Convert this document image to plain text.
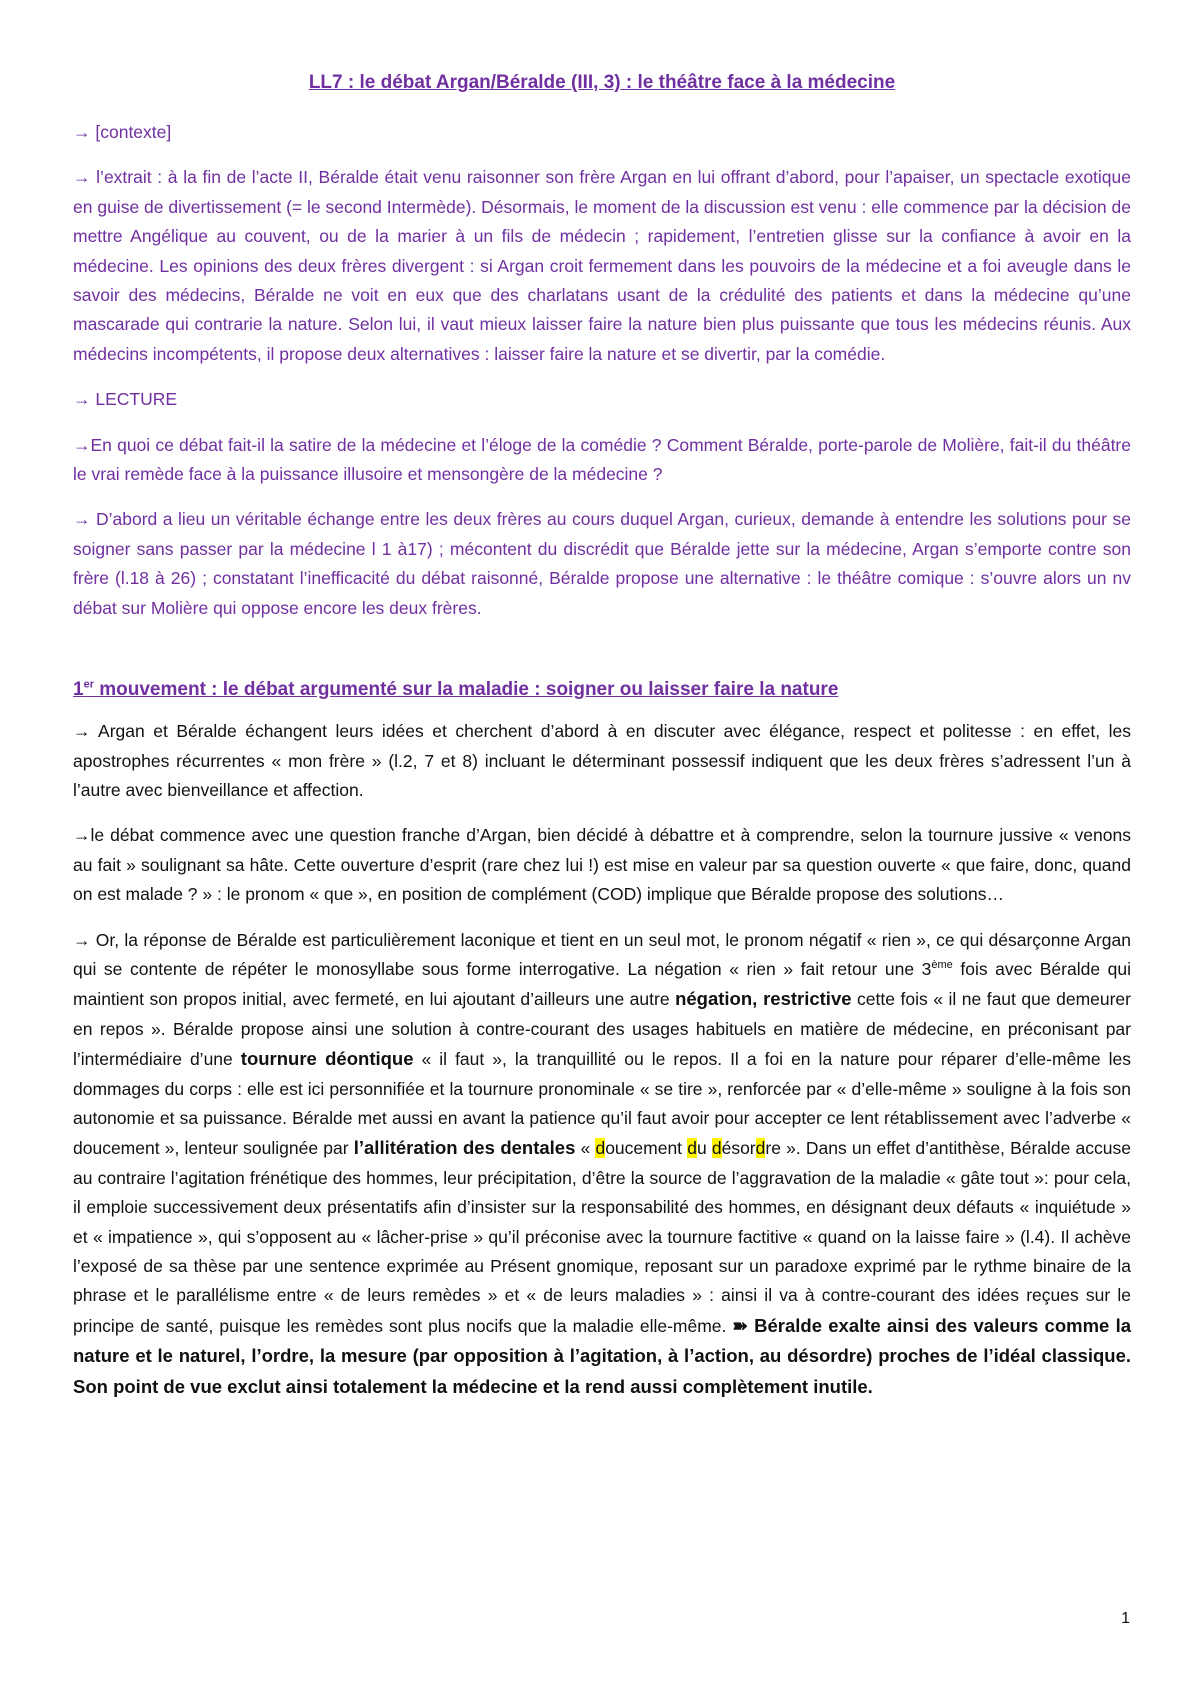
LL7 : le débat Argan/Béralde (III, 3) : le théâtre face à la médecine

→ [contexte]

→ l’extrait : à la fin de l’acte II, Béralde était venu raisonner son frère Argan en lui offrant d’abord, pour l’apaiser, un spectacle exotique en guise de divertissement (= le second Intermède). Désormais, le moment de la discussion est venu : elle commence par la décision de mettre Angélique au couvent, ou de la marier à un fils de médecin ; rapidement, l’entretien glisse sur la confiance à avoir en la médecine. Les opinions des deux frères divergent : si Argan croit fermement dans les pouvoirs de la médecine et a foi aveugle dans le savoir des médecins, Béralde ne voit en eux que des charlatans usant de la crédulité des patients et dans la médecine qu’une mascarade qui contrarie la nature. Selon lui, il vaut mieux laisser faire la nature bien plus puissante que tous les médecins réunis. Aux médecins incompétents, il propose deux alternatives : laisser faire la nature et se divertir, par la comédie.

→ LECTURE

→En quoi ce débat fait-il la satire de la médecine et l’éloge de la comédie ? Comment Béralde, porte-parole de Molière, fait-il du théâtre le vrai remède face à la puissance illusoire et mensongère de la médecine ?

→ D’abord a lieu un véritable échange entre les deux frères au cours duquel Argan, curieux, demande à entendre les solutions pour se soigner sans passer par la médecine l 1 à17) ; mécontent du discrédit que Béralde jette sur la médecine, Argan s’emporte contre son frère (l.18 à 26) ; constatant l’inefficacité du débat raisonné, Béralde propose une alternative : le théâtre comique : s’ouvre alors un nv débat sur Molière qui oppose encore les deux frères.

1er mouvement : le débat argumenté sur la maladie : soigner ou laisser faire la nature

→ Argan et Béralde échangent leurs idées et cherchent d’abord à en discuter avec élégance, respect et politesse : en effet, les apostrophes récurrentes « mon frère » (l.2, 7 et 8) incluant le déterminant possessif indiquent que les deux frères s’adressent l’un à l’autre avec bienveillance et affection.

→le débat commence avec une question franche d’Argan, bien décidé à débattre et à comprendre, selon la tournure jussive « venons au fait » soulignant sa hâte. Cette ouverture d’esprit (rare chez lui !) est mise en valeur par sa question ouverte « que faire, donc, quand on est malade ? » : le pronom « que », en position de complément (COD) implique que Béralde propose des solutions…

→ Or, la réponse de Béralde est particulièrement laconique et tient en un seul mot, le pronom négatif « rien », ce qui désarçonne Argan qui se contente de répéter le monosyllabe sous forme interrogative. La négation « rien » fait retour une 3ème fois avec Béralde qui maintient son propos initial, avec fermeté, en lui ajoutant d’ailleurs une autre négation, restrictive cette fois « il ne faut que demeurer en repos ». Béralde propose ainsi une solution à contre-courant des usages habituels en matière de médecine, en préconisant par l’intermédiaire d’une tournure déontique « il faut », la tranquillité ou le repos. Il a foi en la nature pour réparer d’elle-même les dommages du corps : elle est ici personnifiée et la tournure pronominale « se tire », renforcée par « d’elle-même » souligne à la fois son autonomie et sa puissance. Béralde met aussi en avant la patience qu’il faut avoir pour accepter ce lent rétablissement avec l’adverbe « doucement », lenteur soulignée par l’allitération des dentales « doucement du désordre ». Dans un effet d’antithèse, Béralde accuse au contraire l’agitation frénétique des hommes, leur précipitation, d’être la source de l’aggravation de la maladie « gâte tout »: pour cela, il emploie successivement deux présentatifs afin d’insister sur la responsabilité des hommes, en désignant deux défauts « inquiétude » et « impatience », qui s’opposent au « lâcher-prise » qu’il préconise avec la tournure factitive « quand on la laisse faire » (l.4). Il achève l’exposé de sa thèse par une sentence exprimée au Présent gnomique, reposant sur un paradoxe exprimé par le rythme binaire de la phrase et le parallélisme entre « de leurs remèdes » et « de leurs maladies » : ainsi il va à contre-courant des idées reçues sur le principe de santé, puisque les remèdes sont plus nocifs que la maladie elle-même. ➽ Béralde exalte ainsi des valeurs comme la nature et le naturel, l’ordre, la mesure (par opposition à l’agitation, à l’action, au désordre) proches de l’idéal classique. Son point de vue exclut ainsi totalement la médecine et la rend aussi complètement inutile.

1
